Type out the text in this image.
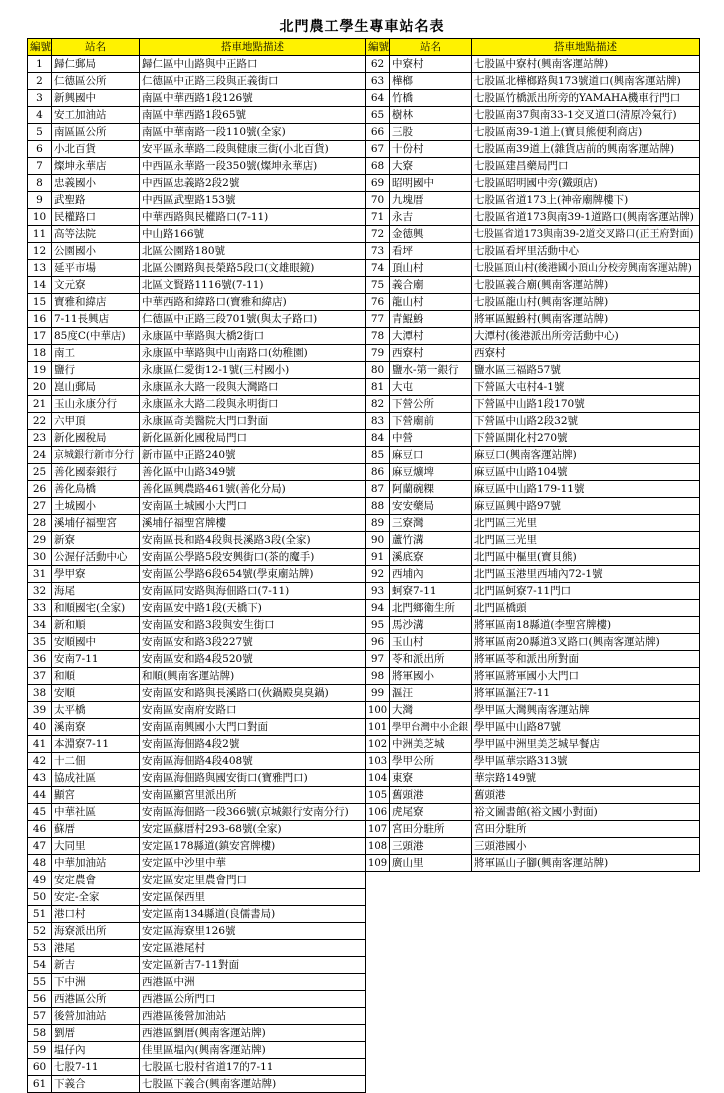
北門農工學生專車站名表
編號	站名	搭車地點描述
1	歸仁郵局	歸仁區中山路與中正路口
2	仁德區公所	仁德區中正路三段與正義街口
3	新興國中	南區中華西路1段126號
4	安工加油站	南區中華西路1段65號
5	南區區公所	南區中華南路一段110號(全家)
6	小北百貨	安平區永華路二段與健康三街(小北百貨)
7	燦坤永華店	中西區永華路一段350號(燦坤永華店)
8	忠義國小	中西區忠義路2段2號
9	武聖路	中西區武聖路153號
10	民權路口	中華西路與民權路口(7-11)
11	高等法院	中山路166號
12	公園國小	北區公園路180號
13	延平市場	北區公園路與長榮路5段口(文雄眼鏡)
14	文元寮	北區文賢路1116號(7-11)
15	寶雅和緯店	中華西路和緯路口(寶雅和緯店)
16	7-11長興店	仁德區中正路三段701號(與太子路口)
17	85度C(中華店)	永康區中華路與大橋2街口
18	南工	永康區中華路與中山南路口(幼稚園)
19	鹽行	永康區仁愛街12-1號(三村國小)
20	崑山郵局	永康區永大路一段與大灣路口
21	玉山永康分行	永康區永大路二段與永明街口
22	六甲頂	永康區奇美醫院大門口對面
23	新化國稅局	新化區新化國稅局門口
24	京城銀行新市分行	新市區中正路240號
25	善化國泰銀行	善化區中山路349號
26	善化鳥橋	善化區興農路461號(善化分局)
27	土城國小	安南區土城國小大門口
28	溪埔仔福聖宮	溪埔仔福聖宮牌樓
29	新寮	安南區長和路4段與長溪路3段(全家)
30	公渥仔活動中心	安南區公學路5段安興街口(茶的魔手)
31	學甲寮	安南區公學路6段654號(學東廟站牌)
32	海尾	安南區同安路與海佃路口(7-11)
33	和順國宅(全家)	安南區安中路1段(天橋下)
34	新和順	安南區安和路3段與安生街口
35	安順國中	安南區安和路3段227號
36	安南7-11	安南區安和路4段520號
37	和順	和順(興南客運站牌)
38	安順	安南區安和路與長溪路口(伙鍋殿臭臭鍋)
39	太平橋	安南區安南府安路口
40	溪南寮	安南區南興國小大門口對面
41	本淵寮7-11	安南區海佃路4段2號
42	十二佃	安南區海佃路4段408號
43	協成社區	安南區海佃路與國安街口(寶雅門口)
44	顯宮	安南區顯宮里派出所
45	中華社區	安南區海佃路一段366號(京城銀行安南分行)
46	蘇厝	安定區蘇厝村293-68號(全家)
47	大同里	安定區178縣道(鎮安宮牌樓)
48	中華加油站	安定區中沙里中華
49	安定農會	安定區安定里農會門口
50	安定-全家	安定區保西里
51	港口村	安定區南134縣道(良儒書局)
52	海寮派出所	安定區海寮里126號
53	港尾	安定區港尾村
54	新吉	安定區新吉7-11對面
55	下中洲	西港區中洲
56	西港區公所	西港區公所門口
57	後營加油站	西港區後營加油站
58	劉厝	西港區劉厝(興南客運站牌)
59	塭仔內	佳里區塭內(興南客運站牌)
60	七股7-11	七股區七股村省道17的7-11
61	下義合	七股區下義合(興南客運站牌)
編號	站名	搭車地點描述
62	中寮村	七股區中寮村(興南客運站牌)
63	樺榔	七股區北樺榔路與173號道口(興南客運站牌)
64	竹橋	七股區竹橋派出所旁的YAMAHA機車行門口
65	樹林	七股區南37與南33-1交叉道口(清原冷氣行)
66	三股	七股區南39-1道上(寶貝熊便利商店)
67	十份村	七股區南39道上(雜貨店前的興南客運站牌)
68	大寮	七股區建昌藥局門口
69	昭明國中	七股區昭明國中旁(鐵頭店)
70	九塊厝	七股區省道173上(神帝廟牌樓下)
71	永吉	七股區省道173與南39-1道路口(興南客運站牌)
72	金德興	七股區省道173與南39-2道交叉路口(正王府對面)
73	看坪	七股區看坪里活動中心
74	頂山村	七股區頂山村(後港國小頂山分校旁興南客運站牌)
75	義合廟	七股區義合廟(興南客運站牌)
76	龍山村	七股區龍山村(興南客運站牌)
77	青鯤鯓	將軍區鯤鯓村(興南客運站牌)
78	大潭村	大潭村(後港派出所旁活動中心)
79	西寮村	西寮村
80	鹽水-第一銀行	鹽水區三福路57號
81	大屯	下營區大屯村4-1號
82	下營公所	下營區中山路1段170號
83	下營廟前	下營區中山路2段32號
84	中營	下營區開化村270號
85	麻豆口	麻豆口(興南客運站牌)
86	麻豆爌埤	麻豆區中山路104號
87	阿蘭碗粿	麻豆區中山路179-11號
88	安安藥局	麻豆區興中路97號
89	三寮灣	北門區三光里
90	蘆竹溝	北門區三光里
91	溪底寮	北門區中樞里(寶貝熊)
92	西埔內	北門區玉港里西埔內72-1號
93	蚵寮7-11	北門區蚵寮7-11門口
94	北門鄉衛生所	北門區橋頭
95	馬沙溝	將軍區南18縣道(李聖宮牌樓)
96	玉山村	將軍區南20縣道3叉路口(興南客運站牌)
97	苓和派出所	將軍區苓和派出所對面
98	將軍國小	將軍區將軍國小大門口
99	漚汪	將軍區漚汪7-11
100	大灣	學甲區大灣興南客運站牌
101	學甲台灣中小企銀	學甲區中山路87號
102	中洲美芝城	學甲區中洲里美芝城早餐店
103	學甲公所	學甲區華宗路313號
104	東寮	華宗路149號
105	舊頭港	舊頭港
106	虎尾寮	裕文圖書館(裕文國小對面)
107	宮田分駐所	宮田分駐所
108	三頭港	三頭港國小
109	廣山里	將軍區山子腳(興南客運站牌)
